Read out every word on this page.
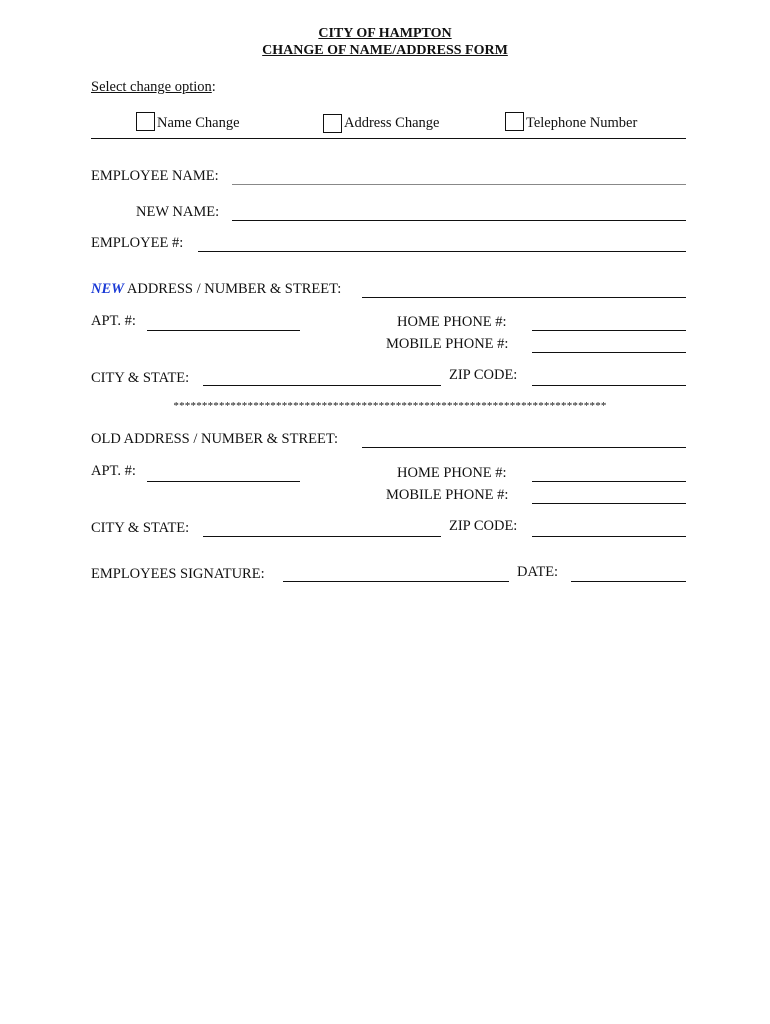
CITY OF HAMPTON
CHANGE OF NAME/ADDRESS FORM
Select change option:
Name Change	Address Change	Telephone Number
EMPLOYEE NAME:
NEW NAME:
EMPLOYEE #:
NEW ADDRESS / NUMBER & STREET:
APT. #:	HOME PHONE #:
MOBILE PHONE #:
CITY & STATE:	ZIP CODE:
****************************************************************************
OLD ADDRESS / NUMBER & STREET:
APT. #:	HOME PHONE #:
MOBILE PHONE #:
CITY & STATE:	ZIP CODE:
EMPLOYEES SIGNATURE:	DATE:
